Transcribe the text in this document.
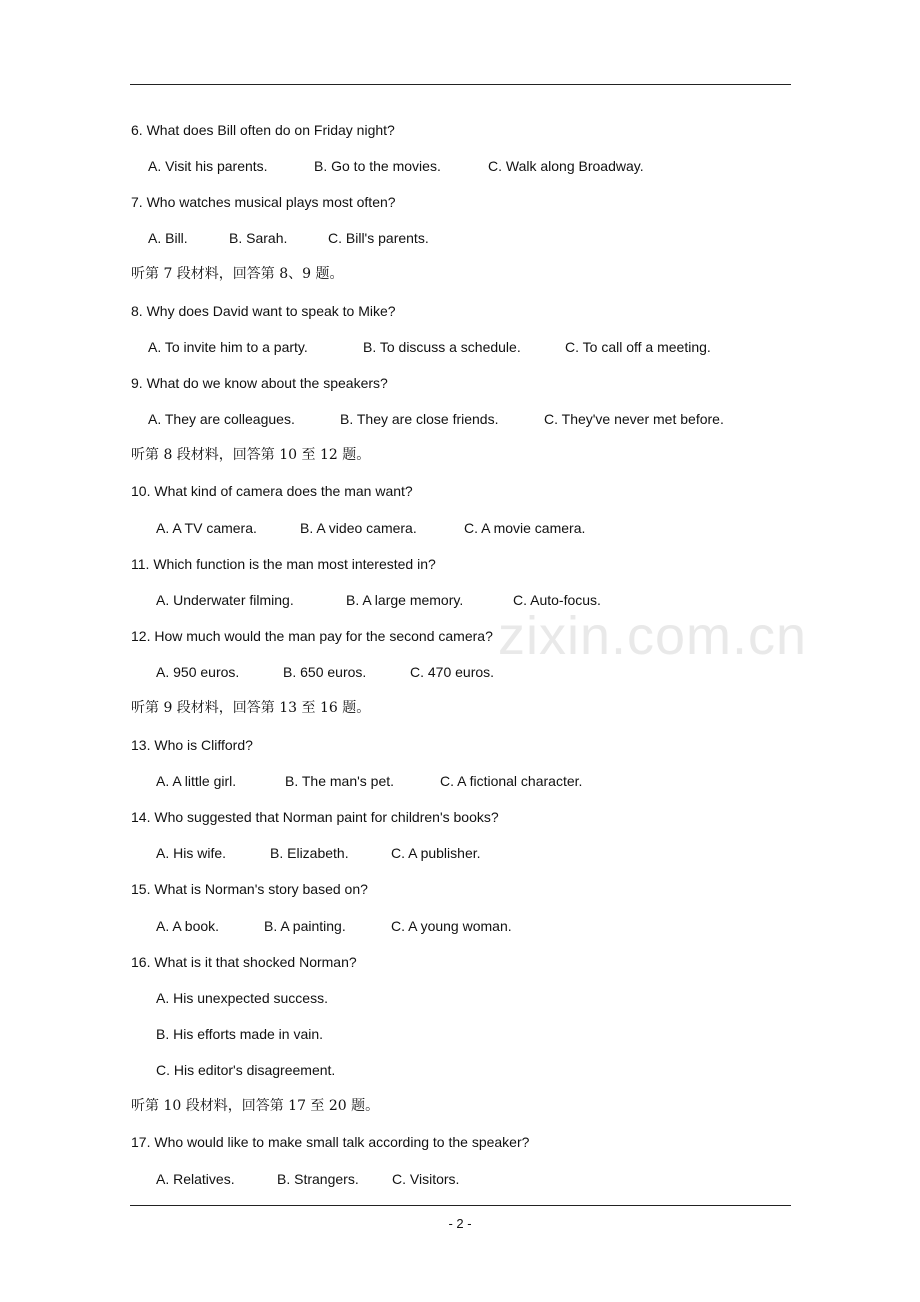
zixin.com.cn
6. What does Bill often do on Friday night?
A. Visit his parents.	B. Go to the movies.	C. Walk along Broadway.
7. Who watches musical plays most often?
A. Bill.	B. Sarah.	C. Bill's parents.
听第 7 段材料，回答第 8、9 题。
8. Why does David want to speak to Mike?
A. To invite him to a party.	B. To discuss a schedule.	C. To call off a meeting.
9. What do we know about the speakers?
A. They are colleagues.	B. They are close friends.	C. They've never met before.
听第 8 段材料，回答第 10 至 12 题。
10. What kind of camera does the man want?
A. A TV camera.	B. A video camera.	C. A movie camera.
11. Which function is the man most interested in?
A. Underwater filming.	B. A large memory.	C. Auto-focus.
12. How much would the man pay for the second camera?
A. 950 euros.	B. 650 euros.	C. 470 euros.
听第 9 段材料，回答第 13 至 16 题。
13. Who is Clifford?
A. A little girl.	B. The man's pet.	C. A fictional character.
14. Who suggested that Norman paint for children's books?
A. His wife.	B. Elizabeth.	C. A publisher.
15. What is Norman's story based on?
A. A book.	B. A painting.	C. A young woman.
16. What is it that shocked Norman?
A. His unexpected success.
B. His efforts made in vain.
C. His editor's disagreement.
听第 10 段材料，回答第 17 至 20 题。
17. Who would like to make small talk according to the speaker?
A. Relatives.	B. Strangers. C. Visitors.
- 2 -
